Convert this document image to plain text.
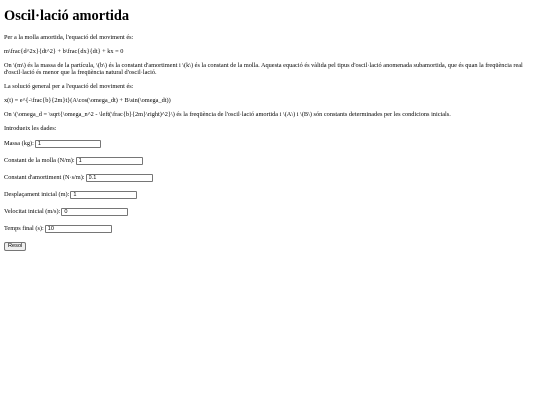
Oscil·lació amortida

Per a la molla amortida, l'equació del moviment és:

m\frac{d^2x}{dt^2} + b\frac{dx}{dt} + kx = 0

On \(m\) és la massa de la partícula, \(b\) és la constant d'amortiment i \(k\) és la constant de la molla. Aquesta equació és vàlida pel tipus d'oscil·lació anomenada subamortida, que és quan la freqüència real d'oscil·lació és menor que la freqüència natural d'oscil·lació.

La solució general per a l'equació del moviment és:

x(t) = e^{-\frac{b}{2m}t}(A\cos(\omega_dt) + B\sin(\omega_dt))

On \(\omega_d = \sqrt{\omega_n^2 - \left(\frac{b}{2m}\right)^2}\) és la freqüència de l'oscil·lació amortida i \(A\) i \(B\) són constants determinades per les condicions inicials.

Introdueix les dades:

Massa (kg):
1
Constant de la molla (N/m):
1
Constant d'amortiment (N·s/m):
0.1
Desplaçament inicial (m):
1
Velocitat inicial (m/s):
0
Temps final (s):
10
Resol
